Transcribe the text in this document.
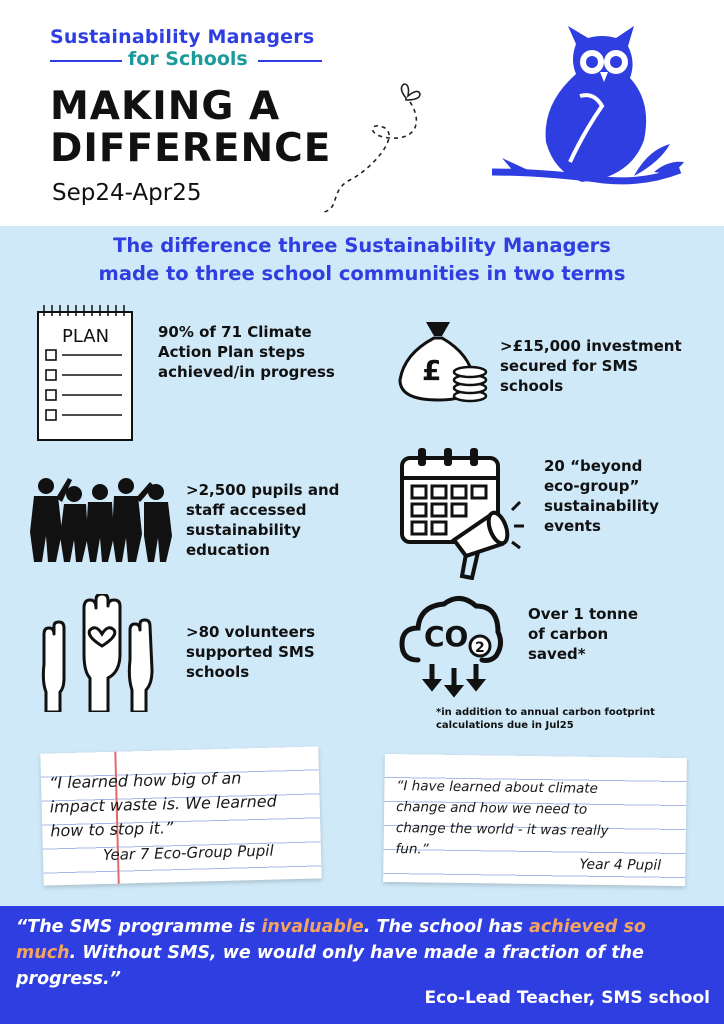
Sustainability Managers
for Schools
MAKING A
DIFFERENCE
Sep24-Apr25
The difference three Sustainability Managers
made to three school communities in two terms
PLAN	90% of 71 Climate
Action Plan steps
achieved/in progress	£
>£15,000 investment
secured for SMS
schools
>2,500 pupils and
staff accessed
sustainability
education
20 “beyond
eco-group”
sustainability
events
>80 volunteers
supported SMS
schools
CO 2
Over 1 tonne
of carbon
saved*
*in addition to annual carbon footprint
calculations due in Jul25
“I learned how big of an
impact waste is. We learned
how to stop it.”
Year 7 Eco-Group Pupil
“I have learned about climate
change and how we need to
change the world - it was really
fun.”
Year 4 Pupil
“The SMS programme is invaluable. The school has achieved so much. Without SMS, we would only have made a fraction of the progress.”
Eco-Lead Teacher, SMS school
